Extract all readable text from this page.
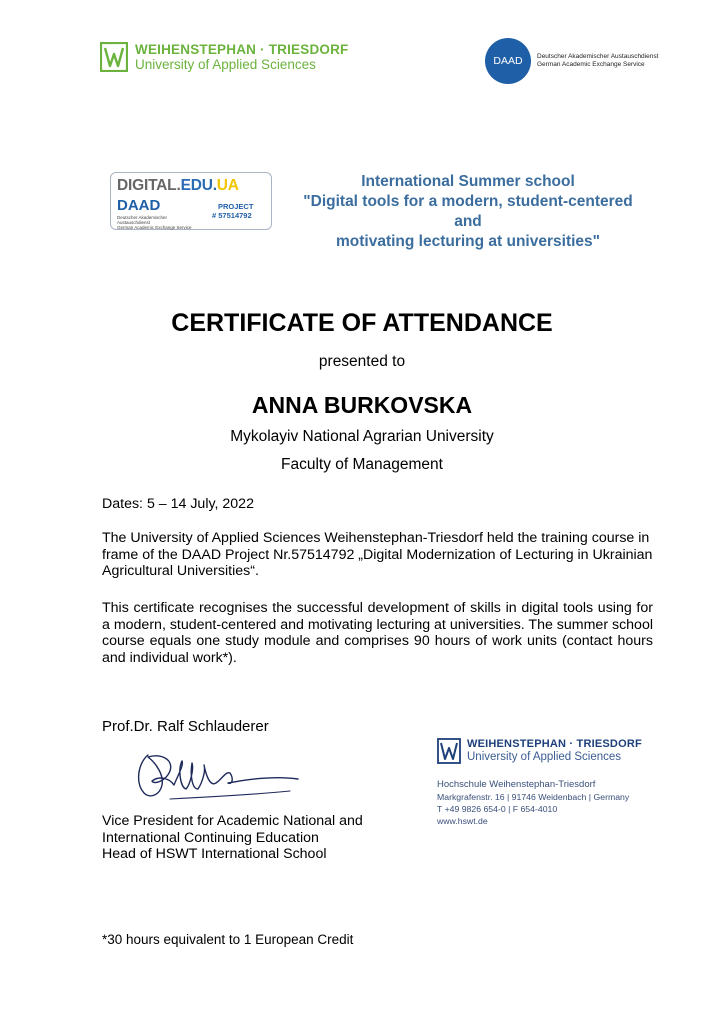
WEIHENSTEPHAN · TRIESDORF
University of Applied Sciences	DAAD	Deutscher Akademischer Austauschdienst
German Academic Exchange Service
DIGITAL.EDU.UA
DAAD
Deutscher Akademischer Austauschdienst
German Academic Exchange Service
PROJECT
# 57514792
International Summer school
"Digital tools for a modern, student-centered and
motivating lecturing at universities"
CERTIFICATE OF ATTENDANCE
presented to
ANNA BURKOVSKA
Mykolayiv National Agrarian University
Faculty of Management
Dates: 5 – 14 July, 2022
The University of Applied Sciences Weihenstephan-Triesdorf held the training course in frame of the DAAD Project Nr.57514792 „Digital Modernization of Lecturing in Ukrainian Agricultural Universities“.
This certificate recognises the successful development of skills in digital tools using for a modern, student-centered and motivating lecturing at universities. The summer school course equals one study module and comprises 90 hours of work units (contact hours and individual work*).
Prof.Dr. Ralf Schlauderer
Vice President for Academic National and
International Continuing Education
Head of HSWT International School
WEIHENSTEPHAN · TRIESDORF
University of Applied Sciences
Hochschule Weihenstephan-Triesdorf
Markgrafenstr. 16 | 91746 Weidenbach | Germany
T +49 9826 654-0 | F 654-4010
www.hswt.de
*30 hours equivalent to 1 European Credit
